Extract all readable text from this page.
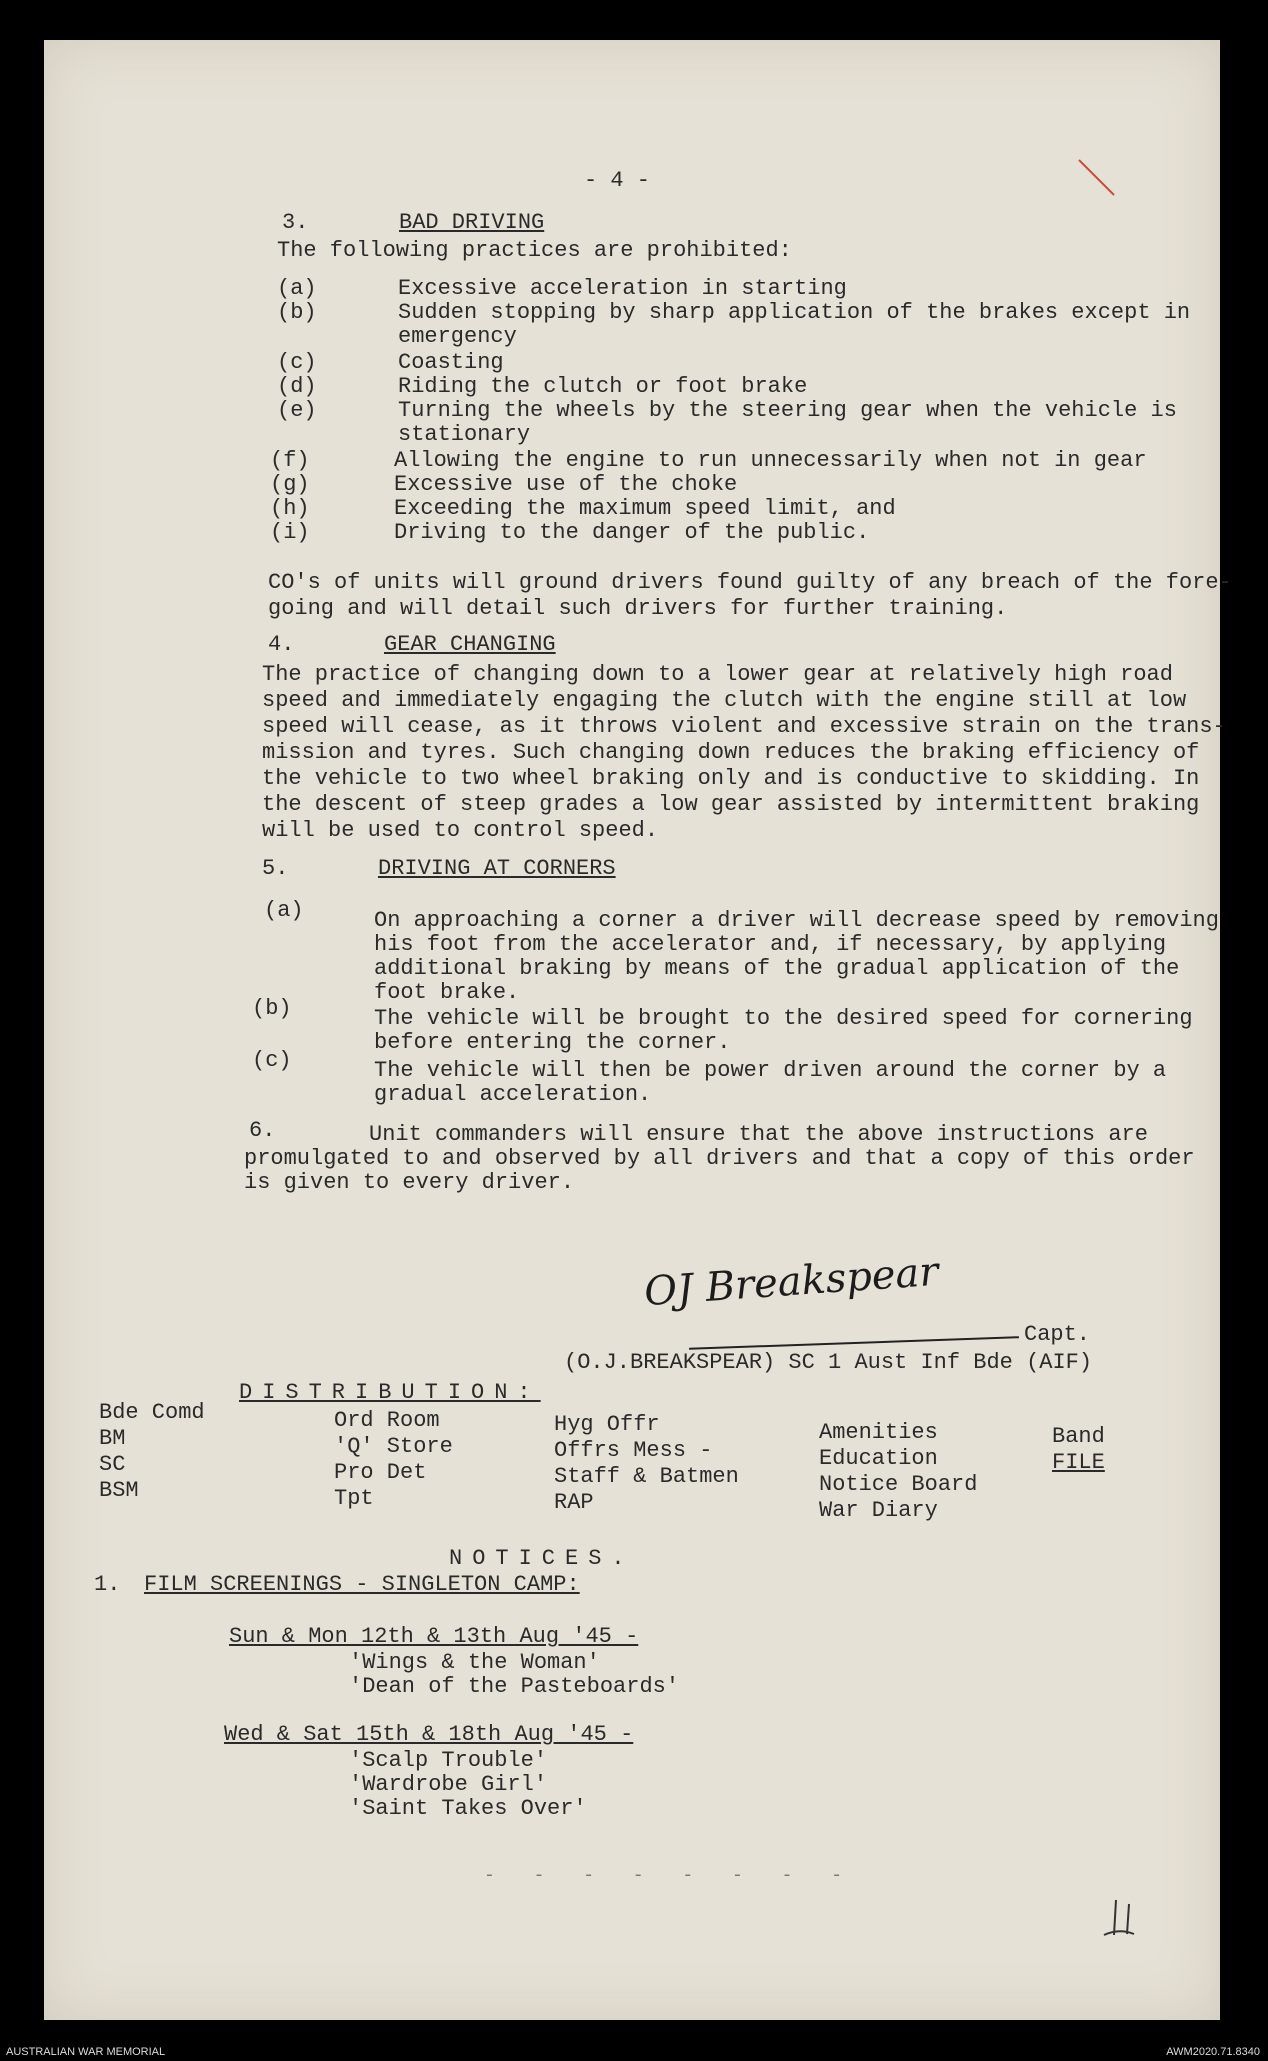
- 4 -
3.	BAD DRIVING
The following practices are prohibited:
(a)	Excessive acceleration in starting
(b)	Sudden stopping by sharp application of the brakes except in
emergency
(c)	Coasting
(d)	Riding the clutch or foot brake
(e)	Turning the wheels by the steering gear when the vehicle is
stationary
(f)	Allowing the engine to run unnecessarily when not in gear
(g)	Excessive use of the choke
(h)	Exceeding the maximum speed limit, and
(i)	Driving to the danger of the public.
CO's of units will ground drivers found guilty of any breach of the fore-
going and will detail such drivers for further training.
4.	GEAR CHANGING
The practice of changing down to a lower gear at relatively high road
speed and immediately engaging the clutch with the engine still at low
speed will cease, as it throws violent and excessive strain on the trans-
mission and tyres. Such changing down reduces the braking efficiency of
the vehicle to two wheel braking only and is conductive to skidding. In
the descent of steep grades a low gear assisted by intermittent braking
will be used to control speed.
5.	DRIVING AT CORNERS
(a)	On approaching a corner a driver will decrease speed by removing
his foot from the accelerator and, if necessary, by applying
additional braking by means of the gradual application of the
foot brake.
(b)	The vehicle will be brought to the desired speed for cornering
before entering the corner.
(c)	The vehicle will then be power driven around the corner by a
gradual acceleration.
6.	Unit commanders will ensure that the above instructions are
promulgated to and observed by all drivers and that a copy of this order
is given to every driver.
OJ Breakspear
Capt.
(O.J.BREAKSPEAR) SC 1 Aust Inf Bde (AIF)
DISTRIBUTION:
Bde Comd
BM
SC
BSM
Ord Room
'Q' Store
Pro Det
Tpt
Hyg Offr
Offrs Mess -
Staff & Batmen
RAP
Amenities
Education
Notice Board
War Diary
Band
FILE
NOTICES.
1. FILM SCREENINGS - SINGLETON CAMP:
Sun & Mon 12th & 13th Aug '45 -
'Wings & the Woman'
'Dean of the Pasteboards'
Wed & Sat 15th & 18th Aug '45 -
'Scalp Trouble'
'Wardrobe Girl'
'Saint Takes Over'
- - - - - - - -
AUSTRALIAN WAR MEMORIAL	AWM2020.71.8340
